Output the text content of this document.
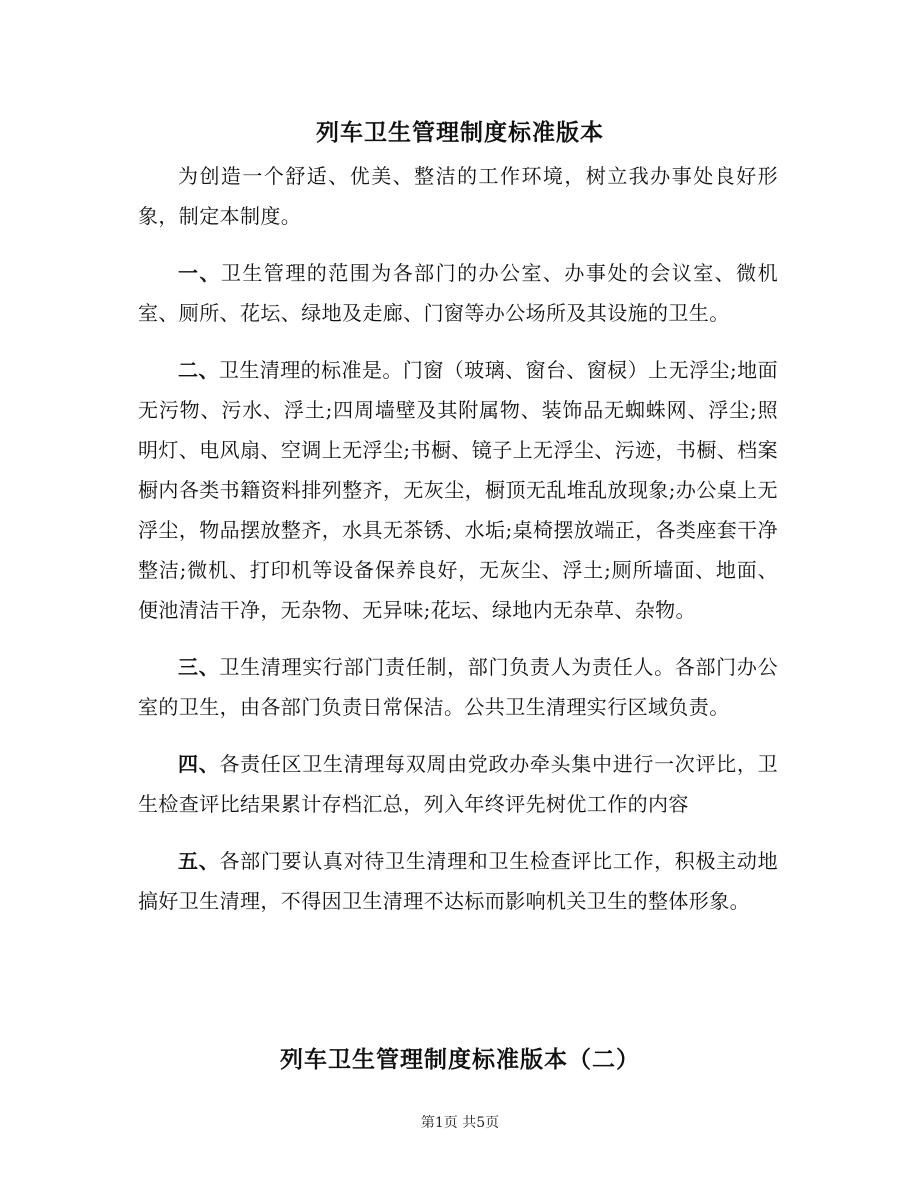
列车卫生管理制度标准版本

为创造一个舒适、优美、整洁的工作环境，树立我办事处良好形象，制定本制度。

一、卫生管理的范围为各部门的办公室、办事处的会议室、微机室、厕所、花坛、绿地及走廊、门窗等办公场所及其设施的卫生。

二、卫生清理的标准是。门窗（玻璃、窗台、窗棂）上无浮尘;地面无污物、污水、浮土;四周墙壁及其附属物、装饰品无蜘蛛网、浮尘;照明灯、电风扇、空调上无浮尘;书橱、镜子上无浮尘、污迹，书橱、档案橱内各类书籍资料排列整齐，无灰尘，橱顶无乱堆乱放现象;办公桌上无浮尘，物品摆放整齐，水具无茶锈、水垢;桌椅摆放端正，各类座套干净整洁;微机、打印机等设备保养良好，无灰尘、浮土;厕所墙面、地面、便池清洁干净，无杂物、无异味;花坛、绿地内无杂草、杂物。

三、卫生清理实行部门责任制，部门负责人为责任人。各部门办公室的卫生，由各部门负责日常保洁。公共卫生清理实行区域负责。

四、各责任区卫生清理每双周由党政办牵头集中进行一次评比，卫生检查评比结果累计存档汇总，列入年终评先树优工作的内容

五、各部门要认真对待卫生清理和卫生检查评比工作，积极主动地搞好卫生清理，不得因卫生清理不达标而影响机关卫生的整体形象。

列车卫生管理制度标准版本（二）
第1页 共5页
